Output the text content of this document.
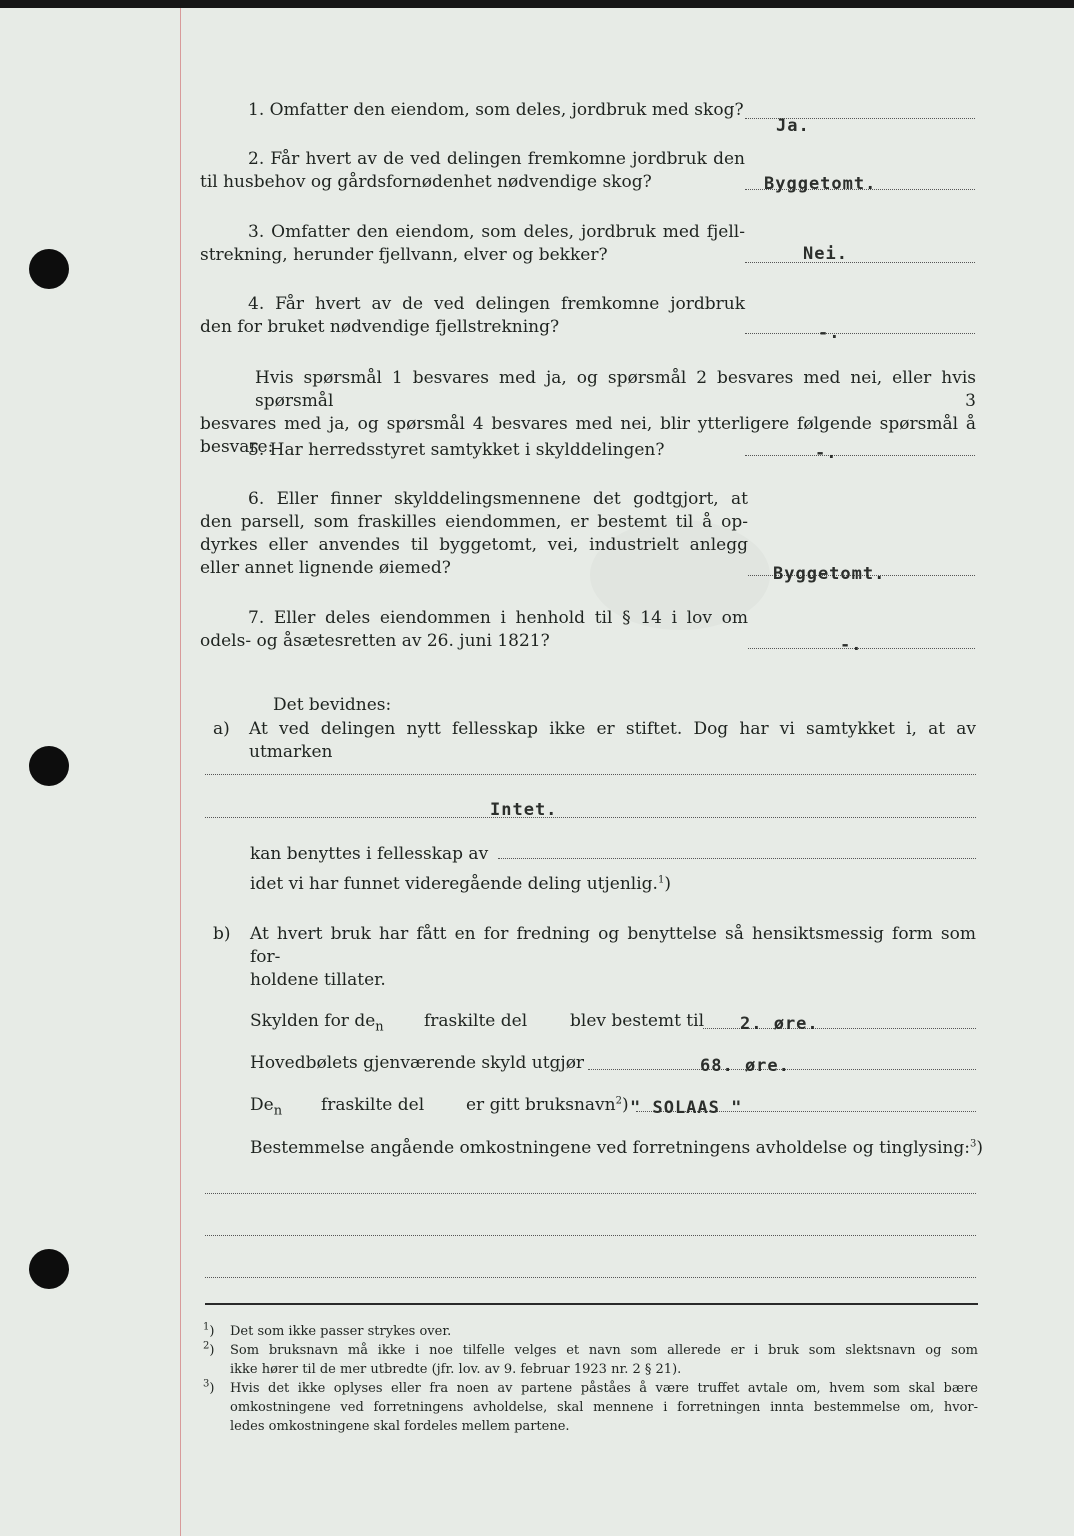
1. Omfatter den eiendom, som deles, jordbruk med skog?
Ja.
2. Får hvert av de ved delingen fremkomne jordbruk den
til husbehov og gårdsfornødenhet nødvendige skog?	Byggetomt.
3. Omfatter den eiendom, som deles, jordbruk med fjell-
strekning, herunder fjellvann, elver og bekker?	Nei.
4. Får hvert av de ved delingen fremkomne jordbruk
den for bruket nødvendige fjellstrekning?	-.
Hvis spørsmål 1 besvares med ja, og spørsmål 2 besvares med nei, eller hvis spørsmål 3
besvares med ja, og spørsmål 4 besvares med nei, blir ytterligere følgende spørsmål å besvare:
5. Har herredsstyret samtykket i skylddelingen?	-.
6. Eller finner skylddelingsmennene det godtgjort, at
den parsell, som fraskilles eiendommen, er bestemt til å op-
dyrkes eller anvendes til byggetomt, vei, industrielt anlegg
eller annet lignende øiemed?	Byggetomt.
7. Eller deles eiendommen i henhold til § 14 i lov om
odels- og åsætesretten av 26. juni 1821?	-.
Det bevidnes:
a) At ved delingen nytt fellesskap ikke er stiftet. Dog har vi samtykket i, at av utmarken
Intet.
kan benyttes i fellesskap av
idet vi har funnet videregående deling utjenlig.$^1$)
b) At hvert bruk har fått en for fredning og benyttelse så hensiktsmessig form som for-
holdene tillater.
Skylden for $de_n$ fraskilte del	blev bestemt til 2. øre.
Hovedbølets gjenværende skyld utgjør	68. øre.
$De_n$ fraskilte del er gitt bruksnavn$^2$) " SOLAAS "
Bestemmelse angående omkostningene ved forretningens avholdelse og tinglysing:$^3$)
$^1$) Det som ikke passer strykes over.
$^2$) Som bruksnavn må ikke i noe tilfelle velges et navn som allerede er i bruk som slektsnavn og som
ikke hører til de mer utbredte (jfr. lov. av 9. februar 1923 nr. 2 § 21).
$^3$) Hvis det ikke oplyses eller fra noen av partene påståes å være truffet avtale om, hvem som skal bære
omkostningene ved forretningens avholdelse, skal mennene i forretningen innta bestemmelse om, hvor-
ledes omkostningene skal fordeles mellem partene.
